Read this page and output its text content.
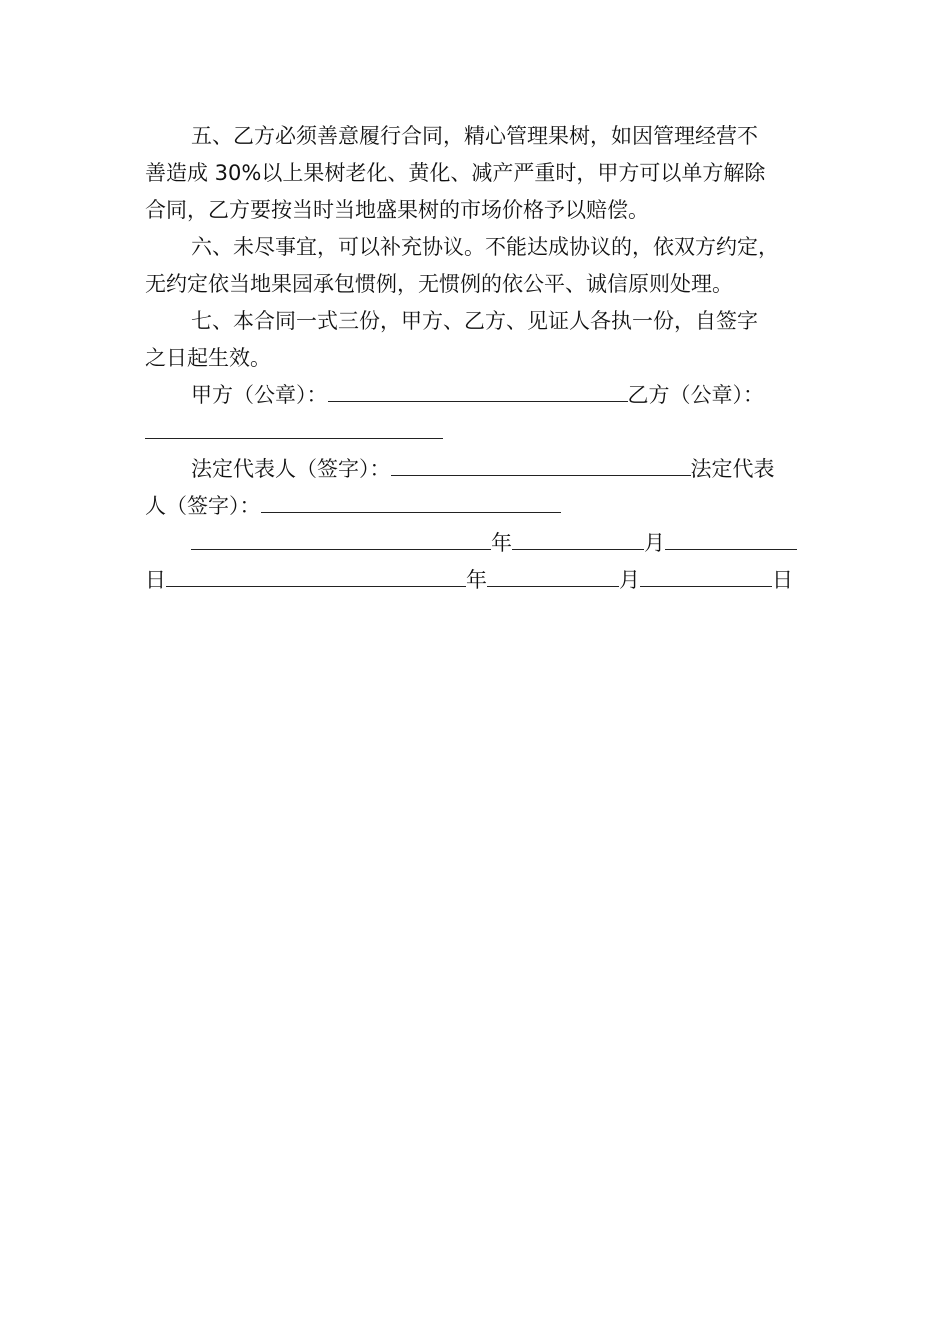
五、乙方必须善意履行合同，精心管理果树，如因管理经营不

善造成 30%以上果树老化、黄化、减产严重时，甲方可以单方解除

合同，乙方要按当时当地盛果树的市场价格予以赔偿。

六、未尽事宜，可以补充协议。不能达成协议的，依双方约定，

无约定依当地果园承包惯例，无惯例的依公平、诚信原则处理。

七、本合同一式三份，甲方、乙方、见证人各执一份，自签字

之日起生效。

甲方（公章）：	乙方（公章）：

法定代表人（签字）：	法定代表

人（签字）：

年	月

日	年	月	日
